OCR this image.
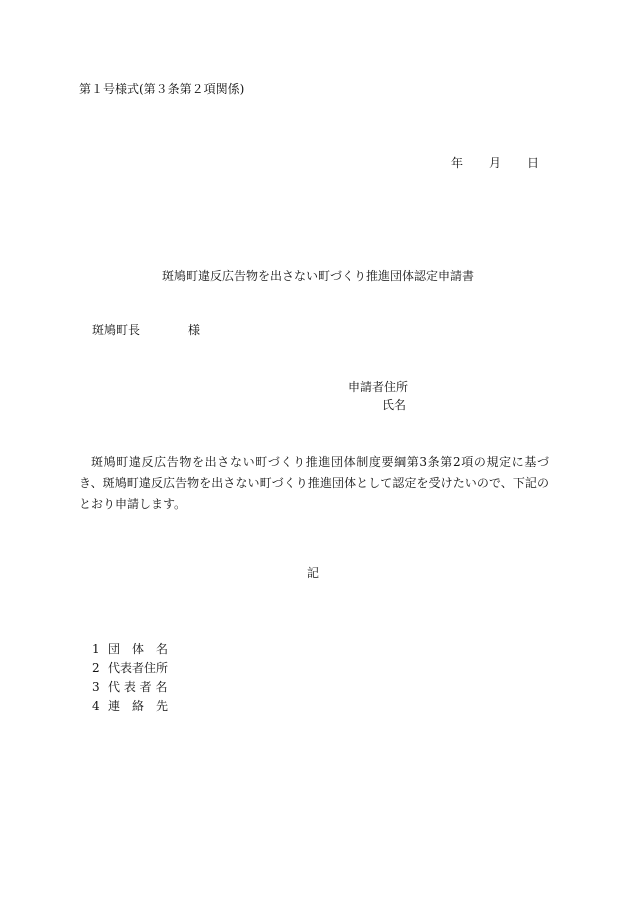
第１号様式(第３条第２項関係)
年 月 日
斑鳩町違反広告物を出さない町づくり推進団体認定申請書
斑鳩町長	様
申請者住所
氏名
斑鳩町違反広告物を出さない町づくり推進団体制度要綱第3条第2項の規定に基づき、斑鳩町違反広告物を出さない町づくり推進団体として認定を受けたいので、下記のとおり申請します。
記
1 団　体　名
2 代表者住所
3 代 表 者 名
4 連　絡　先
